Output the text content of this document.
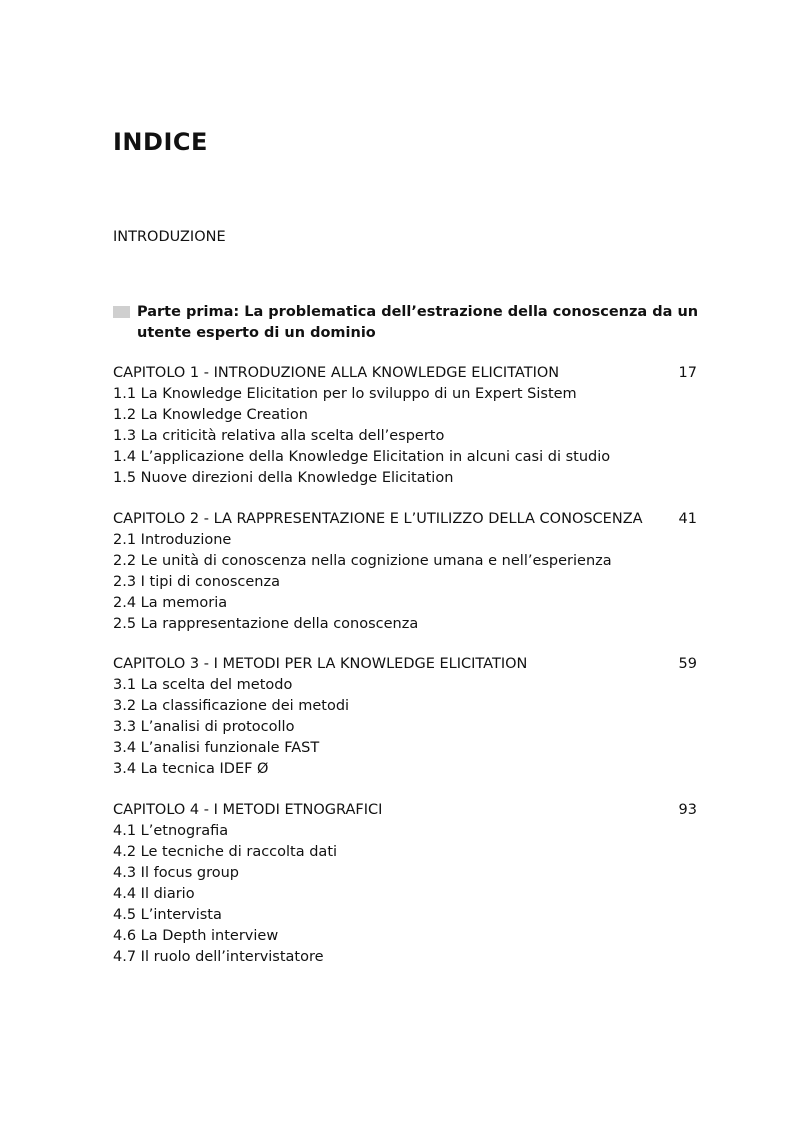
INDICE
INTRODUZIONE
Parte prima: La problematica dell’estrazione della conoscenza da un utente esperto di un dominio
CAPITOLO 1 - INTRODUZIONE ALLA KNOWLEDGE ELICITATION	17
1.1 La Knowledge Elicitation per lo sviluppo di un Expert Sistem
1.2 La Knowledge Creation
1.3 La criticità relativa alla scelta dell’esperto
1.4 L’applicazione della Knowledge Elicitation in alcuni casi di studio
1.5 Nuove direzioni della Knowledge Elicitation
CAPITOLO 2 - LA RAPPRESENTAZIONE E L’UTILIZZO DELLA CONOSCENZA 41
2.1 Introduzione
2.2 Le unità di conoscenza nella cognizione umana e nell’esperienza
2.3 I tipi di conoscenza
2.4 La memoria
2.5 La rappresentazione della conoscenza
CAPITOLO 3 - I METODI PER LA KNOWLEDGE ELICITATION	59
3.1 La scelta del metodo
3.2 La classificazione dei metodi
3.3 L’analisi di protocollo
3.4 L’analisi funzionale FAST
3.4 La tecnica IDEF Ø
CAPITOLO 4 - I METODI ETNOGRAFICI	93
4.1 L’etnografia
4.2 Le tecniche di raccolta dati
4.3 Il focus group
4.4 Il diario
4.5 L’intervista
4.6 La Depth interview
4.7 Il ruolo dell’intervistatore
